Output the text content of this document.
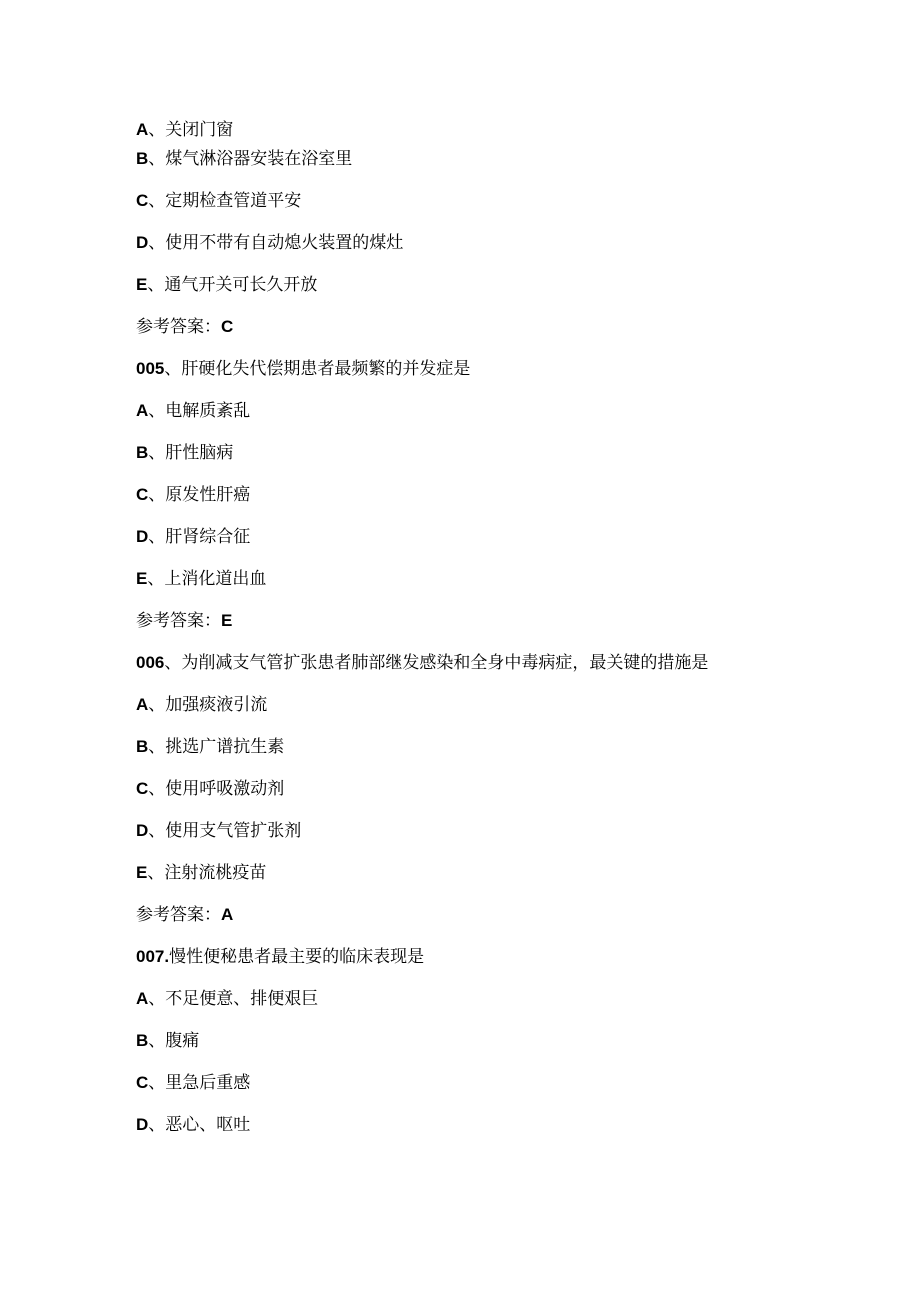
A、关闭门窗
B、煤气淋浴器安装在浴室里
C、定期检查管道平安
D、使用不带有自动熄火装置的煤灶
E、通气开关可长久开放
参考答案：C
005、肝硬化失代偿期患者最频繁的并发症是
A、电解质紊乱
B、肝性脑病
C、原发性肝癌
D、肝肾综合征
E、上消化道出血
参考答案：E
006、为削减支气管扩张患者肺部继发感染和全身中毒病症，最关键的措施是
A、加强痰液引流
B、挑选广谱抗生素
C、使用呼吸激动剂
D、使用支气管扩张剂
E、注射流桃疫苗
参考答案：A
007.慢性便秘患者最主要的临床表现是
A、不足便意、排便艰巨
B、腹痛
C、里急后重感
D、恶心、呕吐
